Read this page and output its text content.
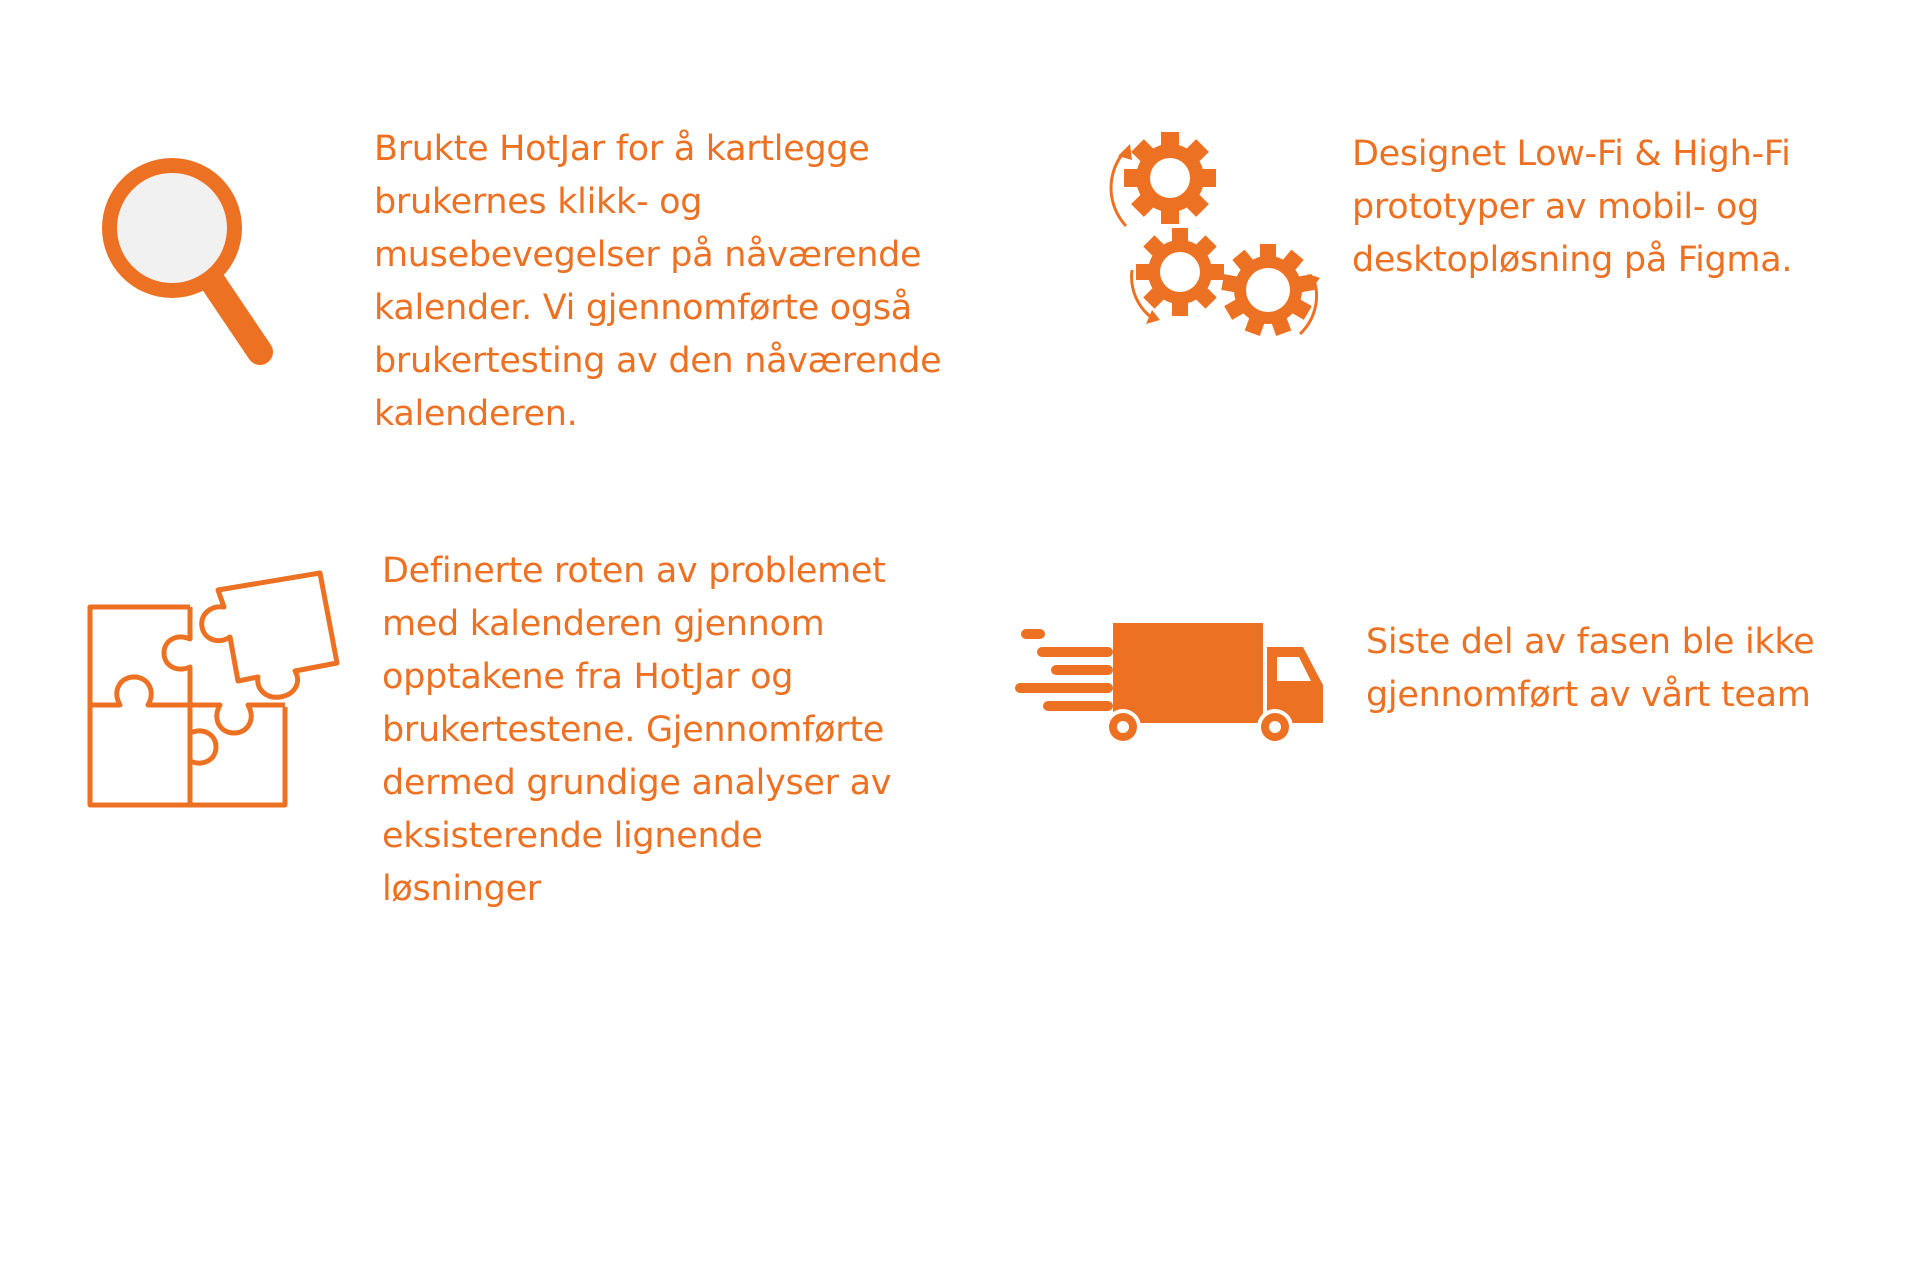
Brukte HotJar for å kartlegge
brukernes klikk- og
musebevegelser på nåværende
kalender. Vi gjennomførte også
brukertesting av den nåværende
kalenderen.

Designet Low-Fi & High-Fi
prototyper av mobil- og
desktopløsning på Figma.

Definerte roten av problemet
med kalenderen gjennom
opptakene fra HotJar og
brukertestene. Gjennomførte
dermed grundige analyser av
eksisterende lignende
løsninger

Siste del av fasen ble ikke
gjennomført av vårt team
